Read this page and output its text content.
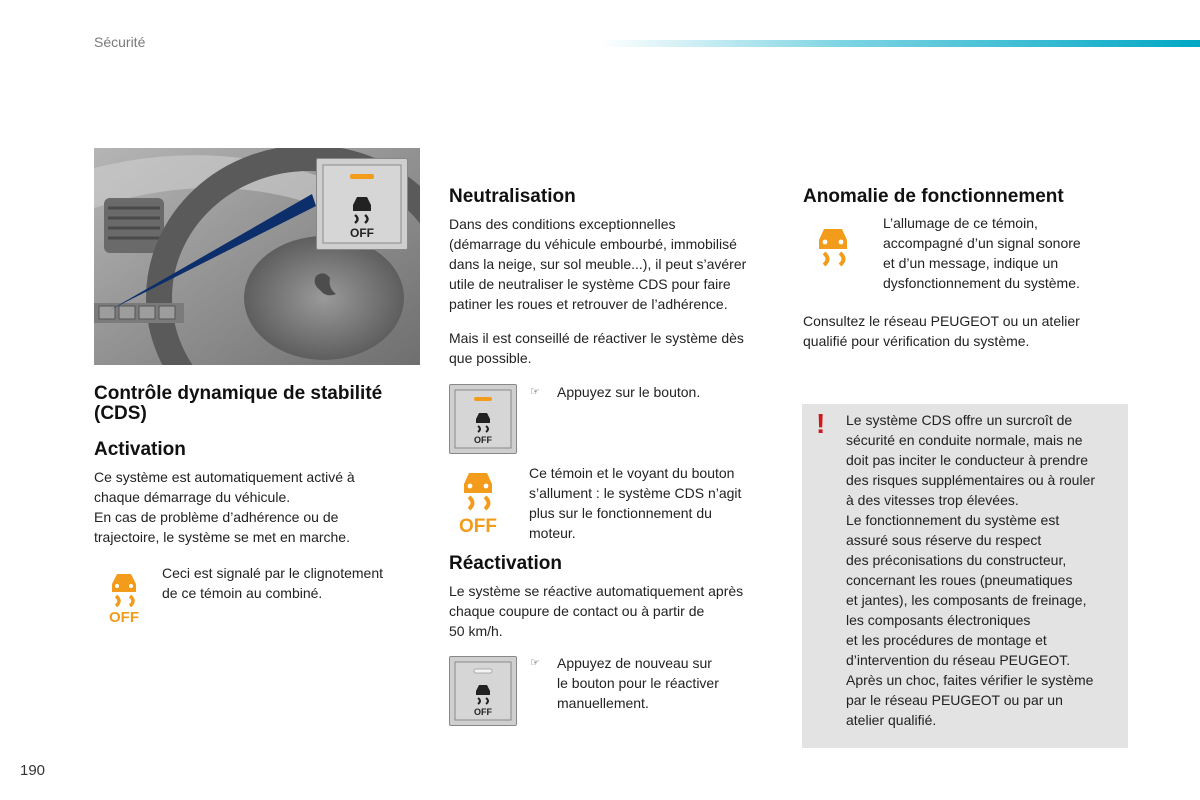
Sécurité
190
OFF
Contrôle dynamique de stabilité (CDS)
Activation

Ce système est automatiquement activé à

chaque démarrage du véhicule.

En cas de problème d’adhérence ou de

trajectoire, le système se met en marche.

OFF

Ceci est signalé par le clignotement

de ce témoin au combiné.

Neutralisation

Dans des conditions exceptionnelles

(démarrage du véhicule embourbé, immobilisé

dans la neige, sur sol meuble...), il peut s’avérer

utile de neutraliser le système CDS pour faire

patiner les roues et retrouver de l’adhérence.

Mais il est conseillé de réactiver le système dès

que possible.

OFF
☞ Appuyez sur le bouton.

OFF

Ce témoin et le voyant du bouton

s’allument : le système CDS n’agit

plus sur le fonctionnement du

moteur.

Réactivation

Le système se réactive automatiquement après

chaque coupure de contact ou à partir de

50 km/h.

OFF
☞ Appuyez de nouveau sur

le bouton pour le réactiver

manuellement.

Anomalie de fonctionnement

L’allumage de ce témoin,

accompagné d’un signal sonore

et d’un message, indique un

dysfonctionnement du système.

Consultez le réseau PEUGEOT ou un atelier

qualifié pour vérification du système.

! Le système CDS offre un surcroît de

sécurité en conduite normale, mais ne

doit pas inciter le conducteur à prendre

des risques supplémentaires ou à rouler

à des vitesses trop élevées.

Le fonctionnement du système est

assuré sous réserve du respect

des préconisations du constructeur,

concernant les roues (pneumatiques

et jantes), les composants de freinage,

les composants électroniques

et les procédures de montage et

d’intervention du réseau PEUGEOT.

Après un choc, faites vérifier le système

par le réseau PEUGEOT ou par un

atelier qualifié.
